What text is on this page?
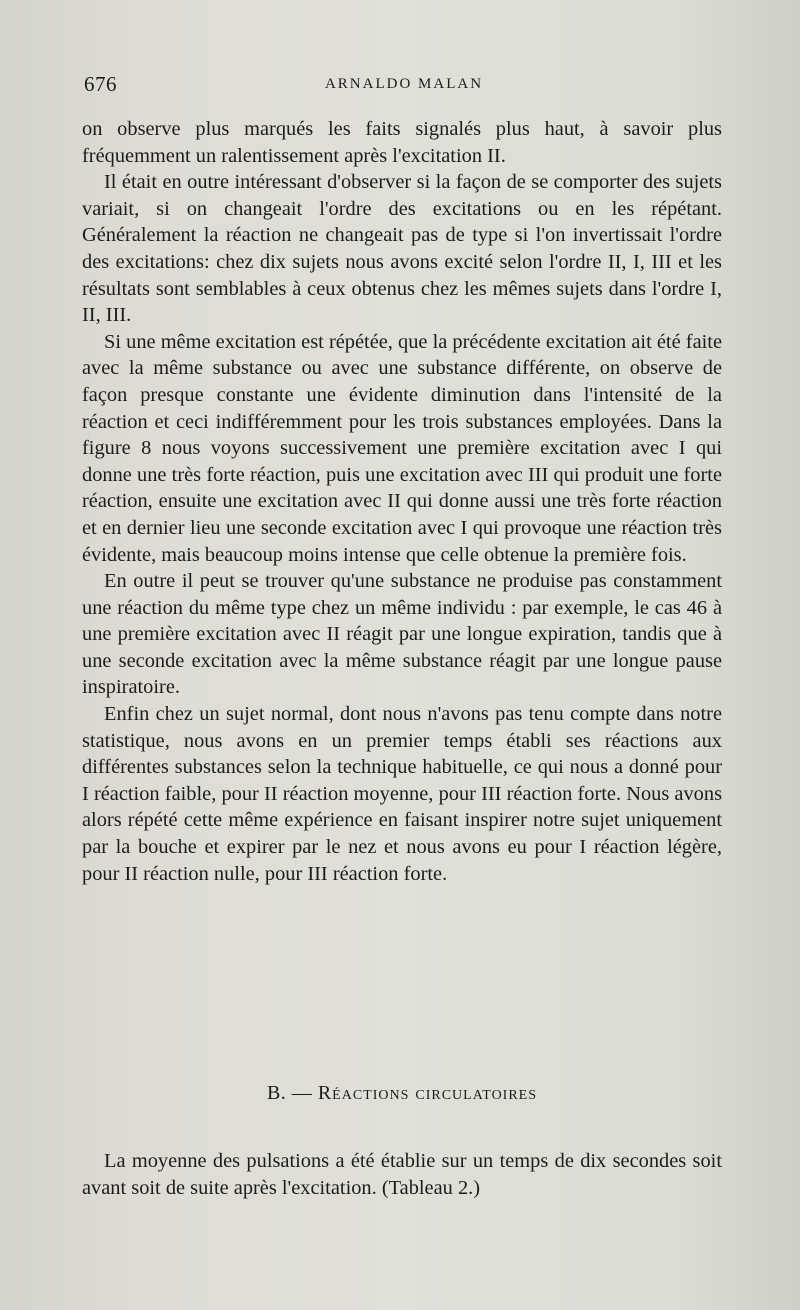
676	ARNALDO MALAN

on observe plus marqués les faits signalés plus haut, à savoir plus fréquemment un ralentissement après l'excitation II.

Il était en outre intéressant d'observer si la façon de se comporter des sujets variait, si on changeait l'ordre des excitations ou en les répétant. Généralement la réaction ne changeait pas de type si l'on invertissait l'ordre des excitations: chez dix sujets nous avons excité selon l'ordre II, I, III et les résultats sont semblables à ceux obtenus chez les mêmes sujets dans l'ordre I, II, III.

Si une même excitation est répétée, que la précédente excitation ait été faite avec la même substance ou avec une substance différente, on observe de façon presque constante une évidente diminution dans l'intensité de la réaction et ceci indifféremment pour les trois substances employées. Dans la figure 8 nous voyons successivement une première excitation avec I qui donne une très forte réaction, puis une excitation avec III qui produit une forte réaction, ensuite une excitation avec II qui donne aussi une très forte réaction et en dernier lieu une seconde excitation avec I qui provoque une réaction très évidente, mais beaucoup moins intense que celle obtenue la première fois.

En outre il peut se trouver qu'une substance ne produise pas constamment une réaction du même type chez un même individu : par exemple, le cas 46 à une première excitation avec II réagit par une longue expiration, tandis que à une seconde excitation avec la même substance réagit par une longue pause inspiratoire.

Enfin chez un sujet normal, dont nous n'avons pas tenu compte dans notre statistique, nous avons en un premier temps établi ses réactions aux différentes substances selon la technique habituelle, ce qui nous a donné pour I réaction faible, pour II réaction moyenne, pour III réaction forte. Nous avons alors répété cette même expérience en faisant inspirer notre sujet uniquement par la bouche et expirer par le nez et nous avons eu pour I réaction légère, pour II réaction nulle, pour III réaction forte.

B. — Réactions circulatoires

La moyenne des pulsations a été établie sur un temps de dix secondes soit avant soit de suite après l'excitation. (Tableau 2.)
